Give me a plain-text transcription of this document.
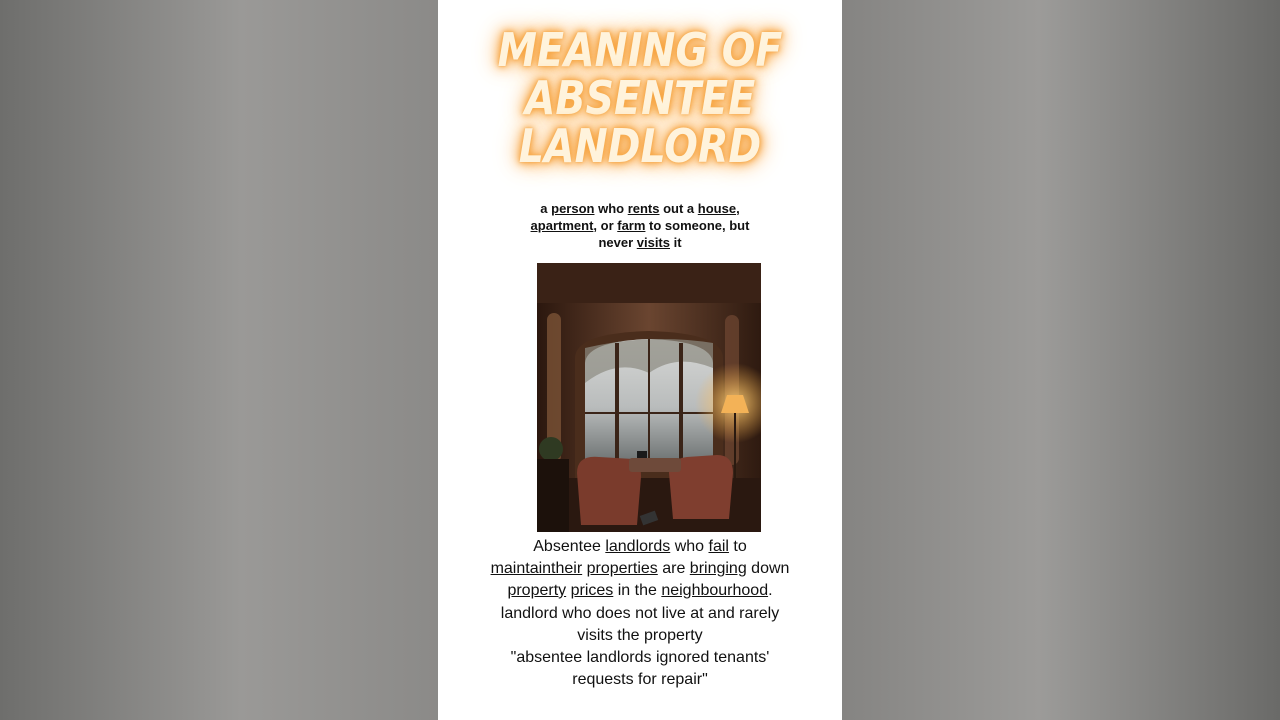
MEANING OF
ABSENTEE
LANDLORD
a person who rents out a house,
apartment, or farm to someone, but
never visits it
Absentee landlords who fail to
maintaintheir properties are bringing down
property prices in the neighbourhood.
landlord who does not live at and rarely
visits the property
"absentee landlords ignored tenants'
requests for repair"
